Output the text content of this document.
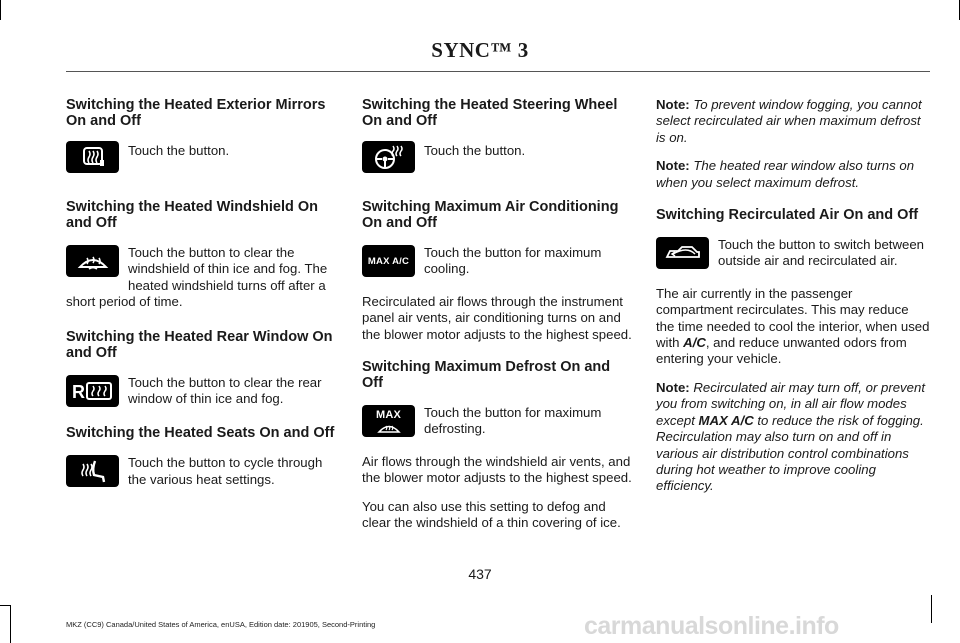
SYNC™ 3
Switching the Heated Exterior Mirrors On and Off

Touch the button.

Switching the Heated Windshield On and Off

Touch the button to clear the windshield of thin ice and fog. The heated windshield turns off after a short period of time.

Switching the Heated Rear Window On and Off
R	Touch the button to clear the rear window of thin ice and fog.

Switching the Heated Seats On and Off

Touch the button to cycle through the various heat settings.

Switching the Heated Steering Wheel On and Off

Touch the button.

Switching Maximum Air Conditioning On and Off
MAX A/C

Touch the button for maximum cooling.

Recirculated air flows through the instrument panel air vents, air conditioning turns on and the blower motor adjusts to the highest speed.

Switching Maximum Defrost On and Off
MAX Touch the button for maximum defrosting.

Air flows through the windshield air vents, and the blower motor adjusts to the highest speed.

You can also use this setting to defog and clear the windshield of a thin covering of ice.

Note: To prevent window fogging, you cannot select recirculated air when maximum defrost is on.

Note: The heated rear window also turns on when you select maximum defrost.

Switching Recirculated Air On and Off

Touch the button to switch between outside air and recirculated air.

The air currently in the passenger compartment recirculates. This may reduce the time needed to cool the interior, when used with A/C, and reduce unwanted odors from entering your vehicle.

Note: Recirculated air may turn off, or prevent you from switching on, in all air flow modes except MAX A/C to reduce the risk of fogging. Recirculation may also turn on and off in various air distribution control combinations during hot weather to improve cooling efficiency.

437
MKZ (CC9) Canada/United States of America, enUSA, Edition date: 201905, Second-Printing	carmanualsonline.info
